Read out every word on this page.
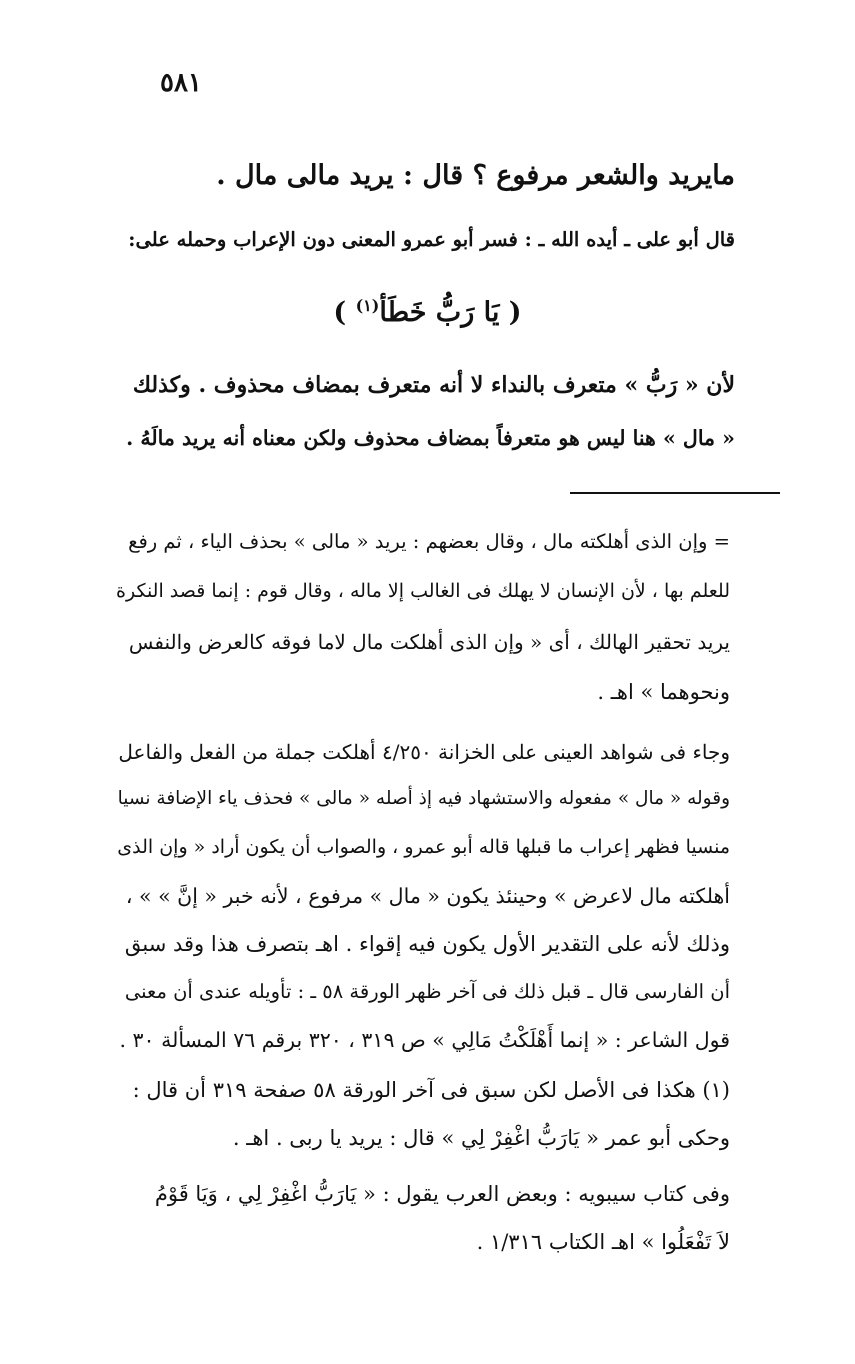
٥٨١
مايريد والشعر مرفوع ؟ قال : يريد مالى مال .
قال أبو على ـ أيده الله ـ : فسر أبو عمرو المعنى دون الإعراب وحمله على:
( يَا رَبُّ خَطَأ$^{(١)}$ )
لأن « رَبُّ » متعرف بالنداء لا أنه متعرف بمضاف محذوف . وكذلك
« مال » هنا ليس هو متعرفاً بمضاف محذوف ولكن معناه أنه يريد مالَهُ .
= وإن الذى أهلكته مال ، وقال بعضهم : يريد « مالى » بحذف الياء ، ثم رفع
للعلم بها ، لأن الإنسان لا يهلك فى الغالب إلا ماله ، وقال قوم : إنما قصد النكرة
يريد تحقير الهالك ، أى « وإن الذى أهلكت مال لاما فوقه كالعرض والنفس
ونحوهما » اهـ .
وجاء فى شواهد العينى على الخزانة ٤/٢٥٠ أهلكت جملة من الفعل والفاعل
وقوله « مال » مفعوله والاستشهاد فيه إذ أصله « مالى » فحذف ياء الإضافة نسيا
منسيا فظهر إعراب ما قبلها قاله أبو عمرو ، والصواب أن يكون أراد « وإن الذى
أهلكته مال لاعرض » وحينئذ يكون « مال » مرفوع ، لأنه خبر « إنَّ » » ،
وذلك لأنه على التقدير الأول يكون فيه إقواء . اهـ بتصرف هذا وقد سبق
أن الفارسى قال ـ قبل ذلك فى آخر ظهر الورقة ٥٨ ـ : تأويله عندى أن معنى
قول الشاعر : « إنما أَهْلَكْتُ مَالِي » ص ٣١٩ ، ٣٢٠ برقم ٧٦ المسألة ٣٠ .
(١) هكذا فى الأصل لكن سبق فى آخر الورقة ٥٨ صفحة ٣١٩ أن قال :
وحكى أبو عمر « يَارَبُّ اغْفِرْ لِي » قال : يريد يا ربى . اهـ .
وفى كتاب سيبويه : وبعض العرب يقول : « يَارَبُّ اغْفِرْ لِي ، وَيَا قَوْمُ
لاَ تَفْعَلُوا » اهـ الكتاب ١/٣١٦ .
